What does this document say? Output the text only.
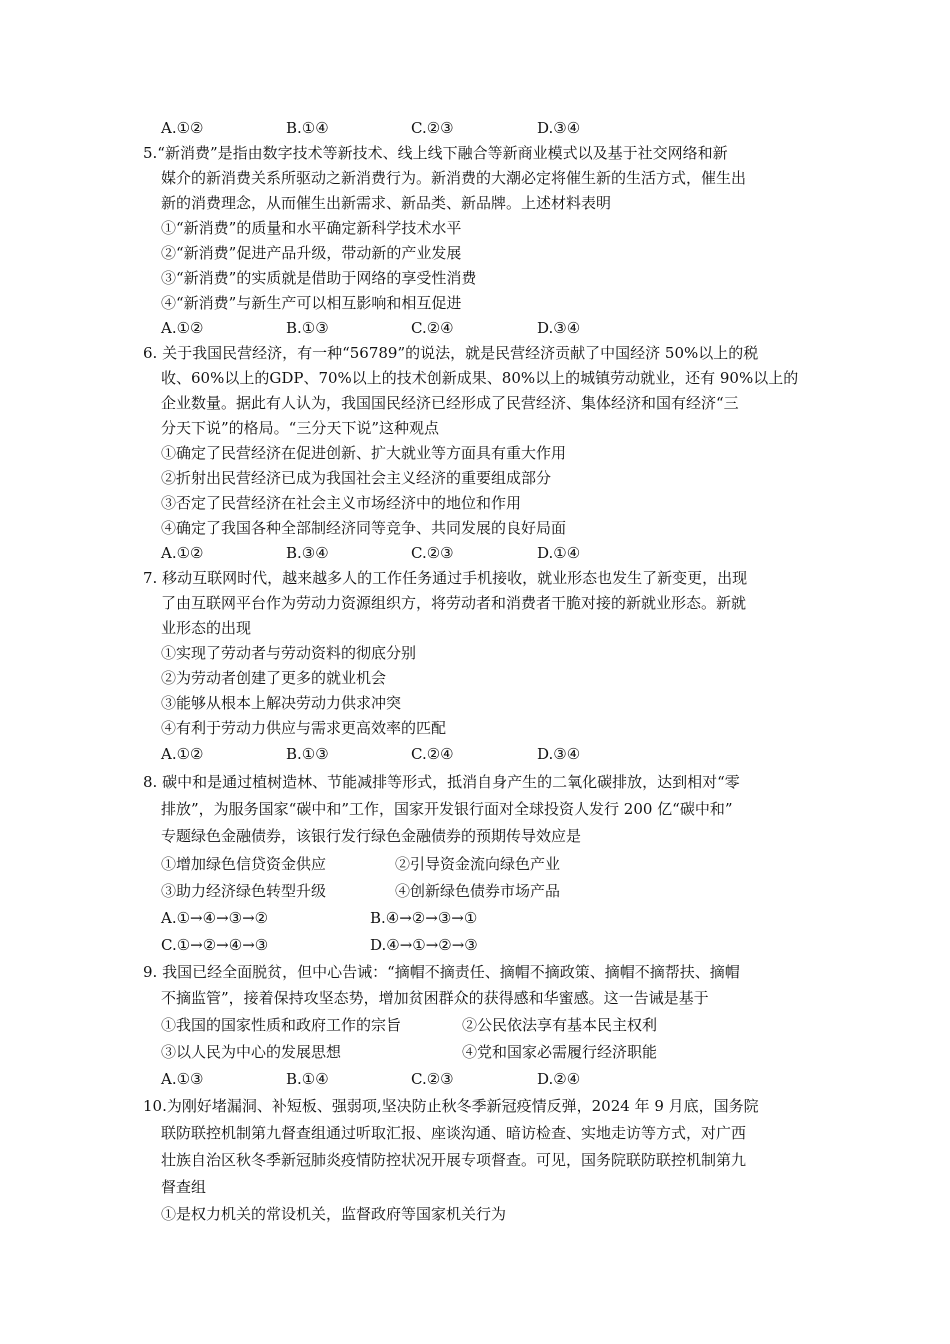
A.①②	B.①④	C.②③	D.③④
5.“新消费”是指由数字技术等新技术、线上线下融合等新商业模式以及基于社交网络和新
媒介的新消费关系所驱动之新消费行为。新消费的大潮必定将催生新的生活方式，催生出
新的消费理念，从而催生出新需求、新品类、新品牌。上述材料表明
①“新消费”的质量和水平确定新科学技术水平
②“新消费”促进产品升级，带动新的产业发展
③“新消费”的实质就是借助于网络的享受性消费
④“新消费”与新生产可以相互影响和相互促进
A.①②	B.①③	C.②④	D.③④
6. 关于我国民营经济，有一种“56789”的说法，就是民营经济贡献了中国经济 50%以上的税
收、60%以上的GDP、70%以上的技术创新成果、80%以上的城镇劳动就业，还有 90%以上的
企业数量。据此有人认为，我国国民经济已经形成了民营经济、集体经济和国有经济“三
分天下说”的格局。“三分天下说”这种观点
①确定了民营经济在促进创新、扩大就业等方面具有重大作用
②折射出民营经济已成为我国社会主义经济的重要组成部分
③否定了民营经济在社会主义市场经济中的地位和作用
④确定了我国各种全部制经济同等竞争、共同发展的良好局面
A.①②	B.③④	C.②③	D.①④
7. 移动互联网时代，越来越多人的工作任务通过手机接收，就业形态也发生了新变更，出现
了由互联网平台作为劳动力资源组织方，将劳动者和消费者干脆对接的新就业形态。新就
业形态的出现
①实现了劳动者与劳动资料的彻底分别
②为劳动者创建了更多的就业机会
③能够从根本上解决劳动力供求冲突
④有利于劳动力供应与需求更高效率的匹配
A.①②	B.①③	C.②④	D.③④
8. 碳中和是通过植树造林、节能减排等形式，抵消自身产生的二氧化碳排放，达到相对“零
排放”，为服务国家“碳中和”工作，国家开发银行面对全球投资人发行 200 亿“碳中和”
专题绿色金融债券，该银行发行绿色金融债券的预期传导效应是
①增加绿色信贷资金供应	②引导资金流向绿色产业
③助力经济绿色转型升级	④创新绿色债券市场产品
A.①→④→③→②	B.④→②→③→①
C.①→②→④→③	D.④→①→②→③
9. 我国已经全面脱贫，但中心告诫：“摘帽不摘责任、摘帽不摘政策、摘帽不摘帮扶、摘帽
不摘监管”，接着保持攻坚态势，增加贫困群众的获得感和华蜜感。这一告诫是基于
①我国的国家性质和政府工作的宗旨	②公民依法享有基本民主权利
③以人民为中心的发展思想	④党和国家必需履行经济职能
A.①③	B.①④	C.②③	D.②④
10.为刚好堵漏洞、补短板、强弱项,坚决防止秋冬季新冠疫情反弹，2024 年 9 月底，国务院
联防联控机制第九督查组通过听取汇报、座谈沟通、暗访检查、实地走访等方式，对广西
壮族自治区秋冬季新冠肺炎疫情防控状况开展专项督查。可见，国务院联防联控机制第九
督查组
①是权力机关的常设机关，监督政府等国家机关行为
